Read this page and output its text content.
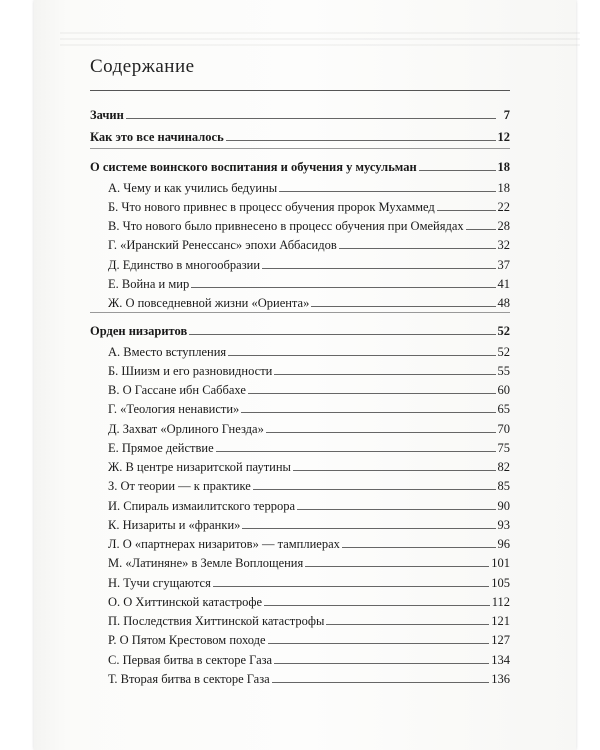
Содержание
Зачин	7
Как это все начиналось	12
О системе воинского воспитания и обучения у мусульман	18
А. Чему и как учились бедуины	18
Б. Что нового привнес в процесс обучения пророк Мухаммед	22
В. Что нового было привнесено в процесс обучения при Омейядах	28
Г. «Иранский Ренессанс» эпохи Аббасидов	32
Д. Единство в многообразии	37
Е. Война и мир	41
Ж. О повседневной жизни «Ориента»	48
Орден низаритов	52
А. Вместо вступления	52
Б. Шиизм и его разновидности	55
В. О Гассане ибн Саббахе	60
Г. «Теология ненависти»	65
Д. Захват «Орлиного Гнезда»	70
Е. Прямое действие	75
Ж. В центре низаритской паутины	82
З. От теории — к практике	85
И. Спираль измаилитского террора	90
К. Низариты и «франки»	93
Л. О «партнерах низаритов» — тамплиерах	96
М. «Латиняне» в Земле Воплощения	101
Н. Тучи сгущаются	105
О. О Хиттинской катастрофе	112
П. Последствия Хиттинской катастрофы	121
Р. О Пятом Крестовом походе	127
С. Первая битва в секторе Газа	134
Т. Вторая битва в секторе Газа	136
